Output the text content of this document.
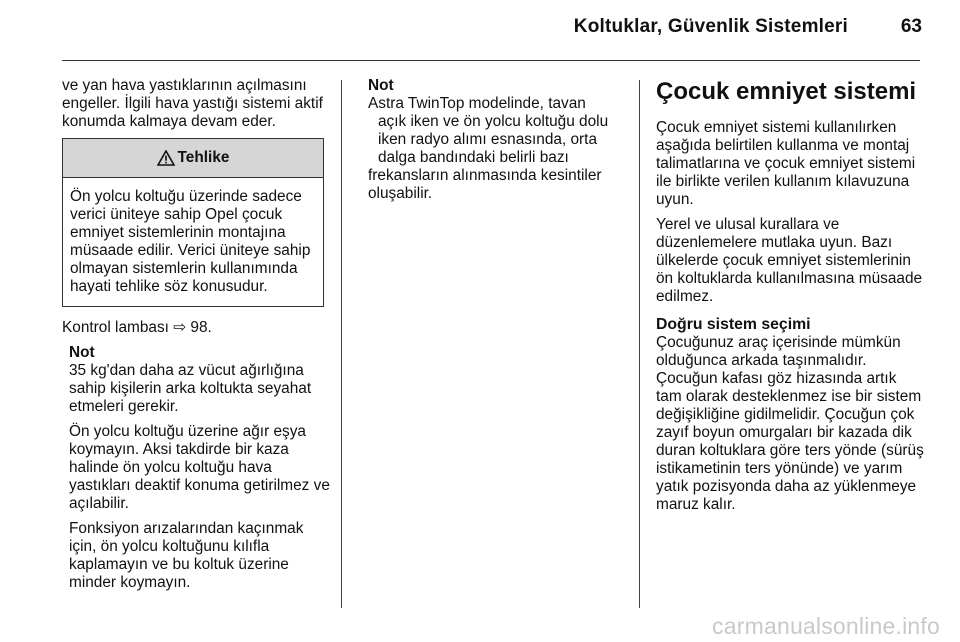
Koltuklar, Güvenlik Sistemleri	63

ve yan hava yastıklarının açılmasını engeller. İlgili hava yastığı sistemi aktif konumda kalmaya devam eder.

Tehlike
Ön yolcu koltuğu üzerinde sadece verici üniteye sahip Opel çocuk emniyet sistemlerinin montajına müsaade edilir. Verici üniteye sahip olmayan sistemlerin kullanımında hayati tehlike söz konusudur.

Kontrol lambası ⇨ 98.

Not

35 kg'dan daha az vücut ağırlığına sahip kişilerin arka koltukta seyahat etmeleri gerekir.

Ön yolcu koltuğu üzerine ağır eşya koymayın. Aksi takdirde bir kaza halinde ön yolcu koltuğu hava yastıkları deaktif konuma getirilmez ve açılabilir.

Fonksiyon arızalarından kaçınmak için, ön yolcu koltuğunu kılıfla kaplamayın ve bu koltuk üzerine minder koymayın.

Not
Astra TwinTop modelinde, tavan
açık iken ve ön yolcu koltuğu dolu
iken radyo alımı esnasında, orta
dalga bandındaki belirli bazı
frekansların alınmasında kesintiler
oluşabilir.
Çocuk emniyet sistemi

Çocuk emniyet sistemi kullanılırken aşağıda belirtilen kullanma ve montaj talimatlarına ve çocuk emniyet sistemi ile birlikte verilen kullanım kılavuzuna uyun.

Yerel ve ulusal kurallara ve düzenlemelere mutlaka uyun. Bazı ülkelerde çocuk emniyet sistemlerinin ön koltuklarda kullanılmasına müsaade edilmez.

Doğru sistem seçimi

Çocuğunuz araç içerisinde mümkün olduğunca arkada taşınmalıdır. Çocuğun kafası göz hizasında artık tam olarak desteklenmez ise bir sistem değişikliğine gidilmelidir. Çocuğun çok zayıf boyun omurgaları bir kazada dik duran koltuklara göre ters yönde (sürüş istikametinin ters yönünde) ve yarım yatık pozisyonda daha az yüklenmeye maruz kalır.

carmanualsonline.info
